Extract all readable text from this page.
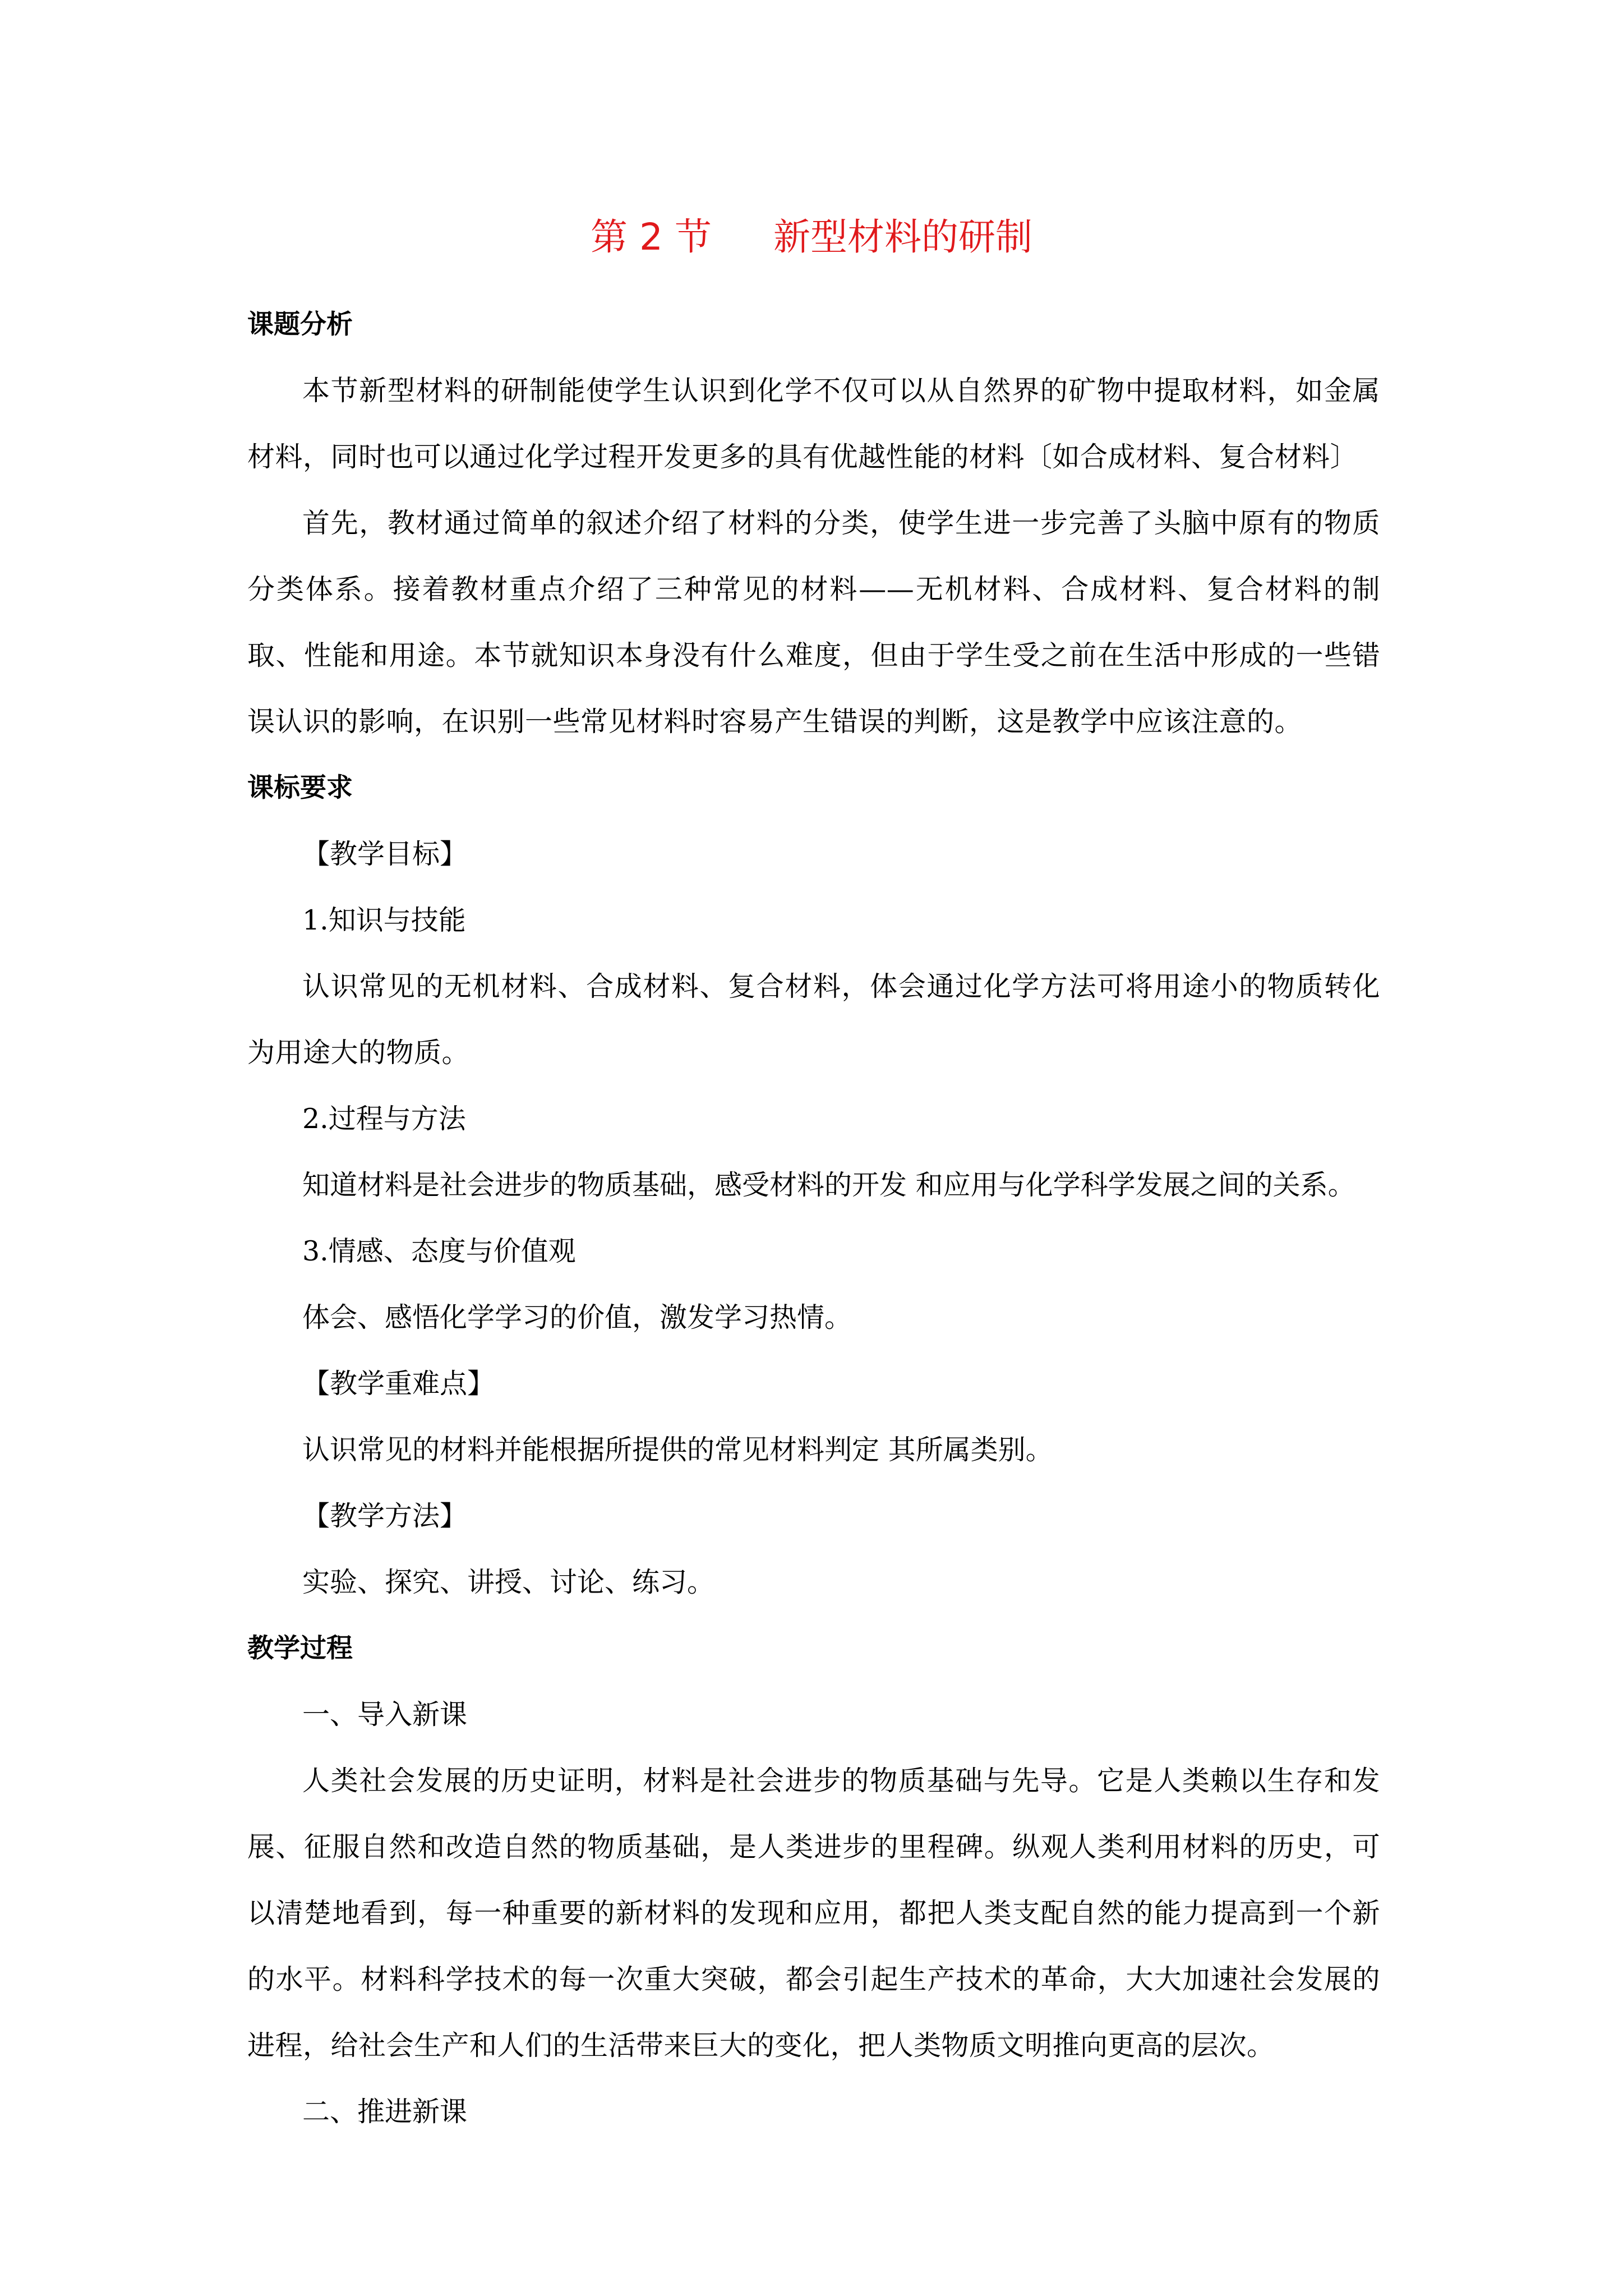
第 2 节 新型材料的研制

课题分析

本节新型材料的研制能使学生认识到化学不仅可以从自然界的矿物中提取材料，如金属材料，同时也可以通过化学过程开发更多的具有优越性能的材料〔如合成材料、复合材料〕

首先，教材通过简单的叙述介绍了材料的分类，使学生进一步完善了头脑中原有的物质分类体系。接着教材重点介绍了三种常见的材料——无机材料、合成材料、复合材料的制取、性能和用途。本节就知识本身没有什么难度，但由于学生受之前在生活中形成的一些错误认识的影响，在识别一些常见材料时容易产生错误的判断，这是教学中应该注意的。

课标要求

【教学目标】

1.知识与技能

认识常见的无机材料、合成材料、复合材料，体会通过化学方法可将用途小的物质转化为用途大的物质。

2.过程与方法

知道材料是社会进步的物质基础，感受材料的开发 和应用与化学科学发展之间的关系。

3.情感、态度与价值观

体会、感悟化学学习的价值，激发学习热情。

【教学重难点】

认识常见的材料并能根据所提供的常见材料判定 其所属类别。

【教学方法】

实验、探究、讲授、讨论、练习。

教学过程

一、导入新课

人类社会发展的历史证明，材料是社会进步的物质基础与先导。它是人类赖以生存和发展、征服自然和改造自然的物质基础，是人类进步的里程碑。纵观人类利用材料的历史，可以清楚地看到，每一种重要的新材料的发现和应用，都把人类支配自然的能力提高到一个新的水平。材料科学技术的每一次重大突破，都会引起生产技术的革命，大大加速社会发展的进程，给社会生产和人们的生活带来巨大的变化，把人类物质文明推向更高的层次。

二、推进新课
